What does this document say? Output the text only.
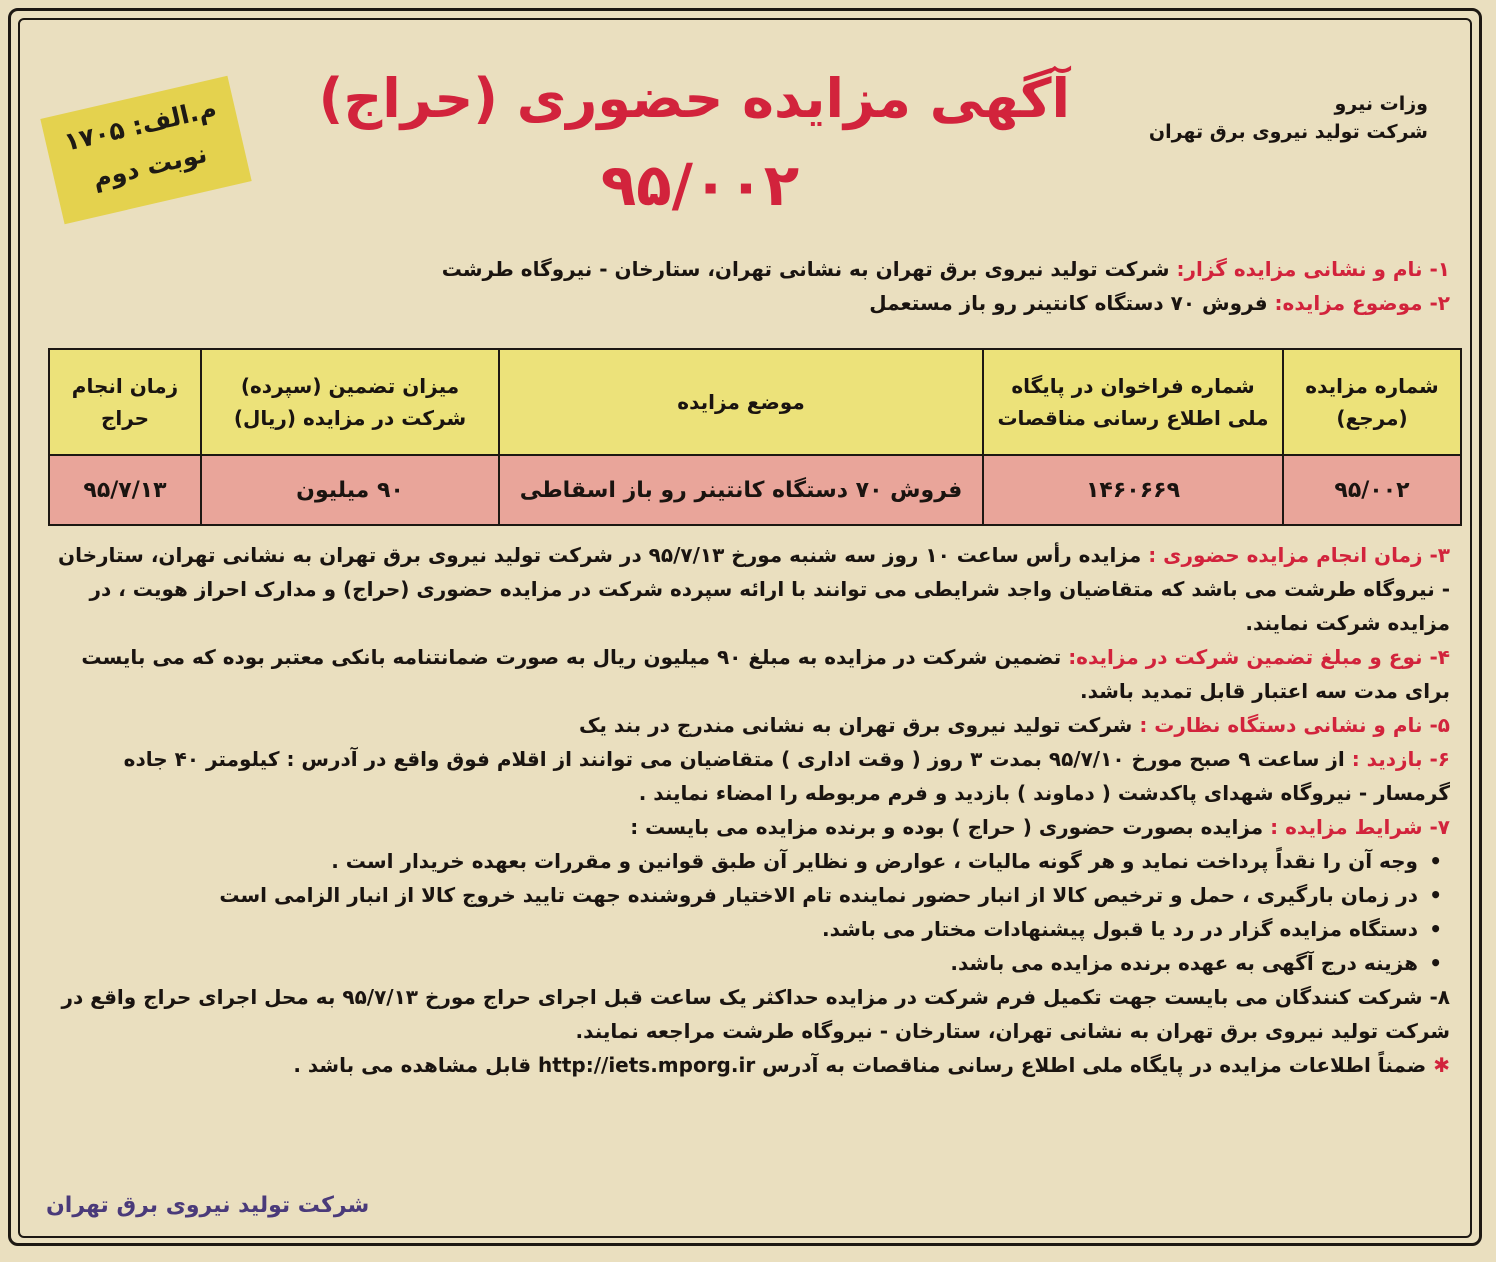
وزات نیرو
شرکت تولید نیروی برق تهران
آگهی مزایده حضوری (حراج)
۹۵/۰۰۲
م.الف: ۱۷۰۵
نوبت دوم

۱- نام و نشانی مزایده گزار: شرکت تولید نیروی برق تهران به نشانی تهران، ستارخان - نیروگاه طرشت

۲- موضوع مزایده: فروش ۷۰ دستگاه کانتینر رو باز مستعمل

شماره مزایده (مرجع)	شماره فراخوان در پایگاه ملی اطلاع رسانی مناقصات	موضع مزایده	میزان تضمین (سپرده) شرکت در مزایده (ریال)	زمان انجام حراج
۹۵/۰۰۲	۱۴۶۰۶۶۹	فروش ۷۰ دستگاه کانتینر رو باز اسقاطی	۹۰ میلیون	۹۵/۷/۱۳

۳- زمان انجام مزایده حضوری : مزایده رأس ساعت ۱۰ روز سه شنبه مورخ ۹۵/۷/۱۳ در شرکت تولید نیروی برق تهران به نشانی تهران، ستارخان - نیروگاه طرشت می باشد که متقاضیان واجد شرایطی می توانند با ارائه سپرده شرکت در مزایده حضوری (حراج) و مدارک احراز هویت ، در مزایده شرکت نمایند.

۴- نوع و مبلغ تضمین شرکت در مزایده: تضمین شرکت در مزایده به مبلغ ۹۰ میلیون ریال به صورت ضمانتنامه بانکی معتبر بوده که می بایست برای مدت سه اعتبار قابل تمدید باشد.

۵- نام و نشانی دستگاه نظارت : شرکت تولید نیروی برق تهران به نشانی مندرج در بند یک

۶- بازدید : از ساعت ۹ صبح مورخ ۹۵/۷/۱۰ بمدت ۳ روز ( وقت اداری ) متقاضیان می توانند از اقلام فوق واقع در آدرس : کیلومتر ۴۰ جاده گرمسار - نیروگاه شهدای پاکدشت ( دماوند ) بازدید و فرم مربوطه را امضاء نمایند .

۷- شرایط مزایده : مزایده بصورت حضوری ( حراج ) بوده و برنده مزایده می بایست :

• وجه آن را نقداً پرداخت نماید و هر گونه مالیات ، عوارض و نظایر آن طبق قوانین و مقررات بعهده خریدار است .
• در زمان بارگیری ، حمل و ترخیص کالا از انبار حضور نماینده تام الاختیار فروشنده جهت تایید خروج کالا از انبار الزامی است
• دستگاه مزایده گزار در رد یا قبول پیشنهادات مختار می باشد.
• هزینه درج آگهی به عهده برنده مزایده می باشد.

۸- شرکت کنندگان می بایست جهت تکمیل فرم شرکت در مزایده حداکثر یک ساعت قبل اجرای حراج مورخ ۹۵/۷/۱۳ به محل اجرای حراج واقع در شرکت تولید نیروی برق تهران به نشانی تهران، ستارخان - نیروگاه طرشت مراجعه نمایند.

✱ ضمناً اطلاعات مزایده در پایگاه ملی اطلاع رسانی مناقصات به آدرس http://iets.mporg.ir قابل مشاهده می باشد .

شرکت تولید نیروی برق تهران
